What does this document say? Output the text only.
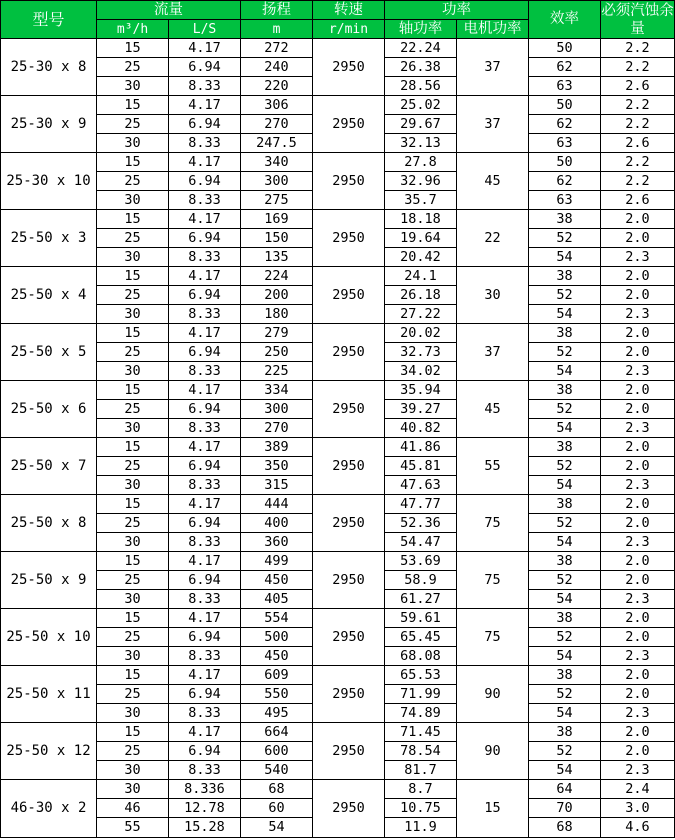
型号	流量		扬程	转速	功率		效率	必须汽蚀余量
	m³/h	L/S	m	r/min	轴功率	电机功率		
25-30 x 8	15	4.17	272	2950	22.24	37	50	2.2
	25	6.94	240		26.38		62	2.2
	30	8.33	220		28.56		63	2.6
25-30 x 9	15	4.17	306	2950	25.02	37	50	2.2
	25	6.94	270		29.67		62	2.2
	30	8.33	247.5		32.13		63	2.6
25-30 x 10	15	4.17	340	2950	27.8	45	50	2.2
	25	6.94	300		32.96		62	2.2
	30	8.33	275		35.7		63	2.6
25-50 x 3	15	4.17	169	2950	18.18	22	38	2.0
	25	6.94	150		19.64		52	2.0
	30	8.33	135		20.42		54	2.3
25-50 x 4	15	4.17	224	2950	24.1	30	38	2.0
	25	6.94	200		26.18		52	2.0
	30	8.33	180		27.22		54	2.3
25-50 x 5	15	4.17	279	2950	20.02	37	38	2.0
	25	6.94	250		32.73		52	2.0
	30	8.33	225		34.02		54	2.3
25-50 x 6	15	4.17	334	2950	35.94	45	38	2.0
	25	6.94	300		39.27		52	2.0
	30	8.33	270		40.82		54	2.3
25-50 x 7	15	4.17	389	2950	41.86	55	38	2.0
	25	6.94	350		45.81		52	2.0
	30	8.33	315		47.63		54	2.3
25-50 x 8	15	4.17	444	2950	47.77	75	38	2.0
	25	6.94	400		52.36		52	2.0
	30	8.33	360		54.47		54	2.3
25-50 x 9	15	4.17	499	2950	53.69	75	38	2.0
	25	6.94	450		58.9		52	2.0
	30	8.33	405		61.27		54	2.3
25-50 x 10	15	4.17	554	2950	59.61	75	38	2.0
	25	6.94	500		65.45		52	2.0
	30	8.33	450		68.08		54	2.3
25-50 x 11	15	4.17	609	2950	65.53	90	38	2.0
	25	6.94	550		71.99		52	2.0
	30	8.33	495		74.89		54	2.3
25-50 x 12	15	4.17	664	2950	71.45	90	38	2.0
	25	6.94	600		78.54		52	2.0
	30	8.33	540		81.7		54	2.3
46-30 x 2	30	8.336	68	2950	8.7	15	64	2.4
	46	12.78	60		10.75		70	3.0
	55	15.28	54		11.9		68	4.6
